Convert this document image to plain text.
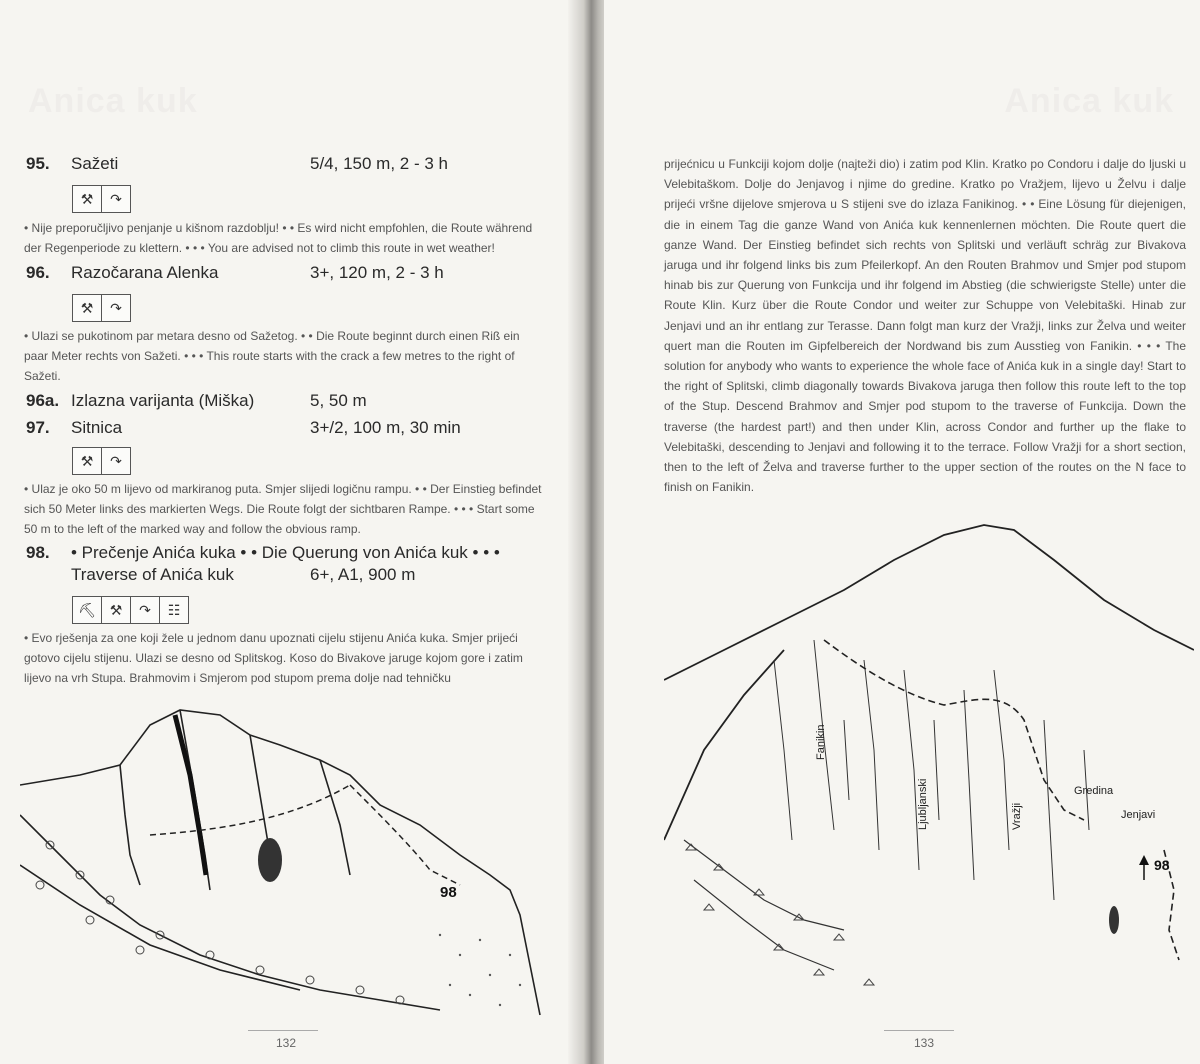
Anica kuk
95. Sažeti	5/4, 150 m, 2 - 3 h
⚒	↷
• Nije preporučljivo penjanje u kišnom razdoblju! • • Es wird nicht empfohlen, die Route während der Regenperiode zu klettern. • • • You are advised not to climb this route in wet weather!
96. Razočarana Alenka	3+, 120 m, 2 - 3 h
⚒	↷
• Ulazi se pukotinom par metara desno od Sažetog. • • Die Route beginnt durch einen Riß ein paar Meter rechts von Sažeti. • • • This route starts with the crack a few metres to the right of Sažeti.
96a. Izlazna varijanta (Miška)	5, 50 m
97. Sitnica	3+/2, 100 m, 30 min
⚒	↷
• Ulaz je oko 50 m lijevo od markiranog puta. Smjer slijedi logičnu rampu. • • Der Einstieg befindet sich 50 Meter links des markierten Wegs. Die Route folgt der sichtbaren Rampe. • • • Start some 50 m to the left of the marked way and follow the obvious ramp.
98. • Prečenje Anića kuka • • Die Querung von Anića kuk • • •
Traverse of Anića kuk	6+, A1, 900 m
⛏ ⚒	↷	☷
• Evo rješenja za one koji žele u jednom danu upoznati cijelu stijenu Anića kuka. Smjer prijeći gotovo cijelu stijenu. Ulazi se desno od Splitskog. Koso do Bivakove jaruge kojom gore i zatim lijevo na vrh Stupa. Brahmovim i Smjerom pod stupom prema dolje nad tehničku
98
132
Anica kuk
prijećnicu u Funkciji kojom dolje (najteži dio) i zatim pod Klin. Kratko po Condoru i dalje do ljuski u Velebitaškom. Dolje do Jenjavog i njime do gredine. Kratko po Vražjem, lijevo u Želvu i dalje prijeći vršne dijelove smjerova u S stijeni sve do izlaza Fanikinog. • • Eine Lösung für diejenigen, die in einem Tag die ganze Wand von Anića kuk kennenlernen möchten. Die Route quert die ganze Wand. Der Einstieg befindet sich rechts von Splitski und verläuft schräg zur Bivakova jaruga und ihr folgend links bis zum Pfeilerkopf. An den Routen Brahmov und Smjer pod stupom hinab bis zur Querung von Funkcija und ihr folgend im Abstieg (die schwierigste Stelle) unter die Route Klin. Kurz über die Route Condor und weiter zur Schuppe von Velebitaški. Hinab zur Jenjavi und an ihr entlang zur Terasse. Dann folgt man kurz der Vražji, links zur Želva und weiter quert man die Routen im Gipfelbereich der Nordwand bis zum Ausstieg von Fanikin. • • • The solution for anybody who wants to experience the whole face of Anića kuk in a single day! Start to the right of Splitski, climb diagonally towards Bivakova jaruga then follow this route left to the top of the Stup. Descend Brahmov and Smjer pod stupom to the traverse of Funkcija. Down the traverse (the hardest part!) and then under Klin, across Condor and further up the flake to Velebitaški, descending to Jenjavi and following it to the terrace. Follow Vražji for a short section, then to the left of Želva and traverse further to the upper section of the routes on the N face to finish on Fanikin.
Fanikin
Ljubljanski	Vražji
Gredina
Jenjavi
98
133
